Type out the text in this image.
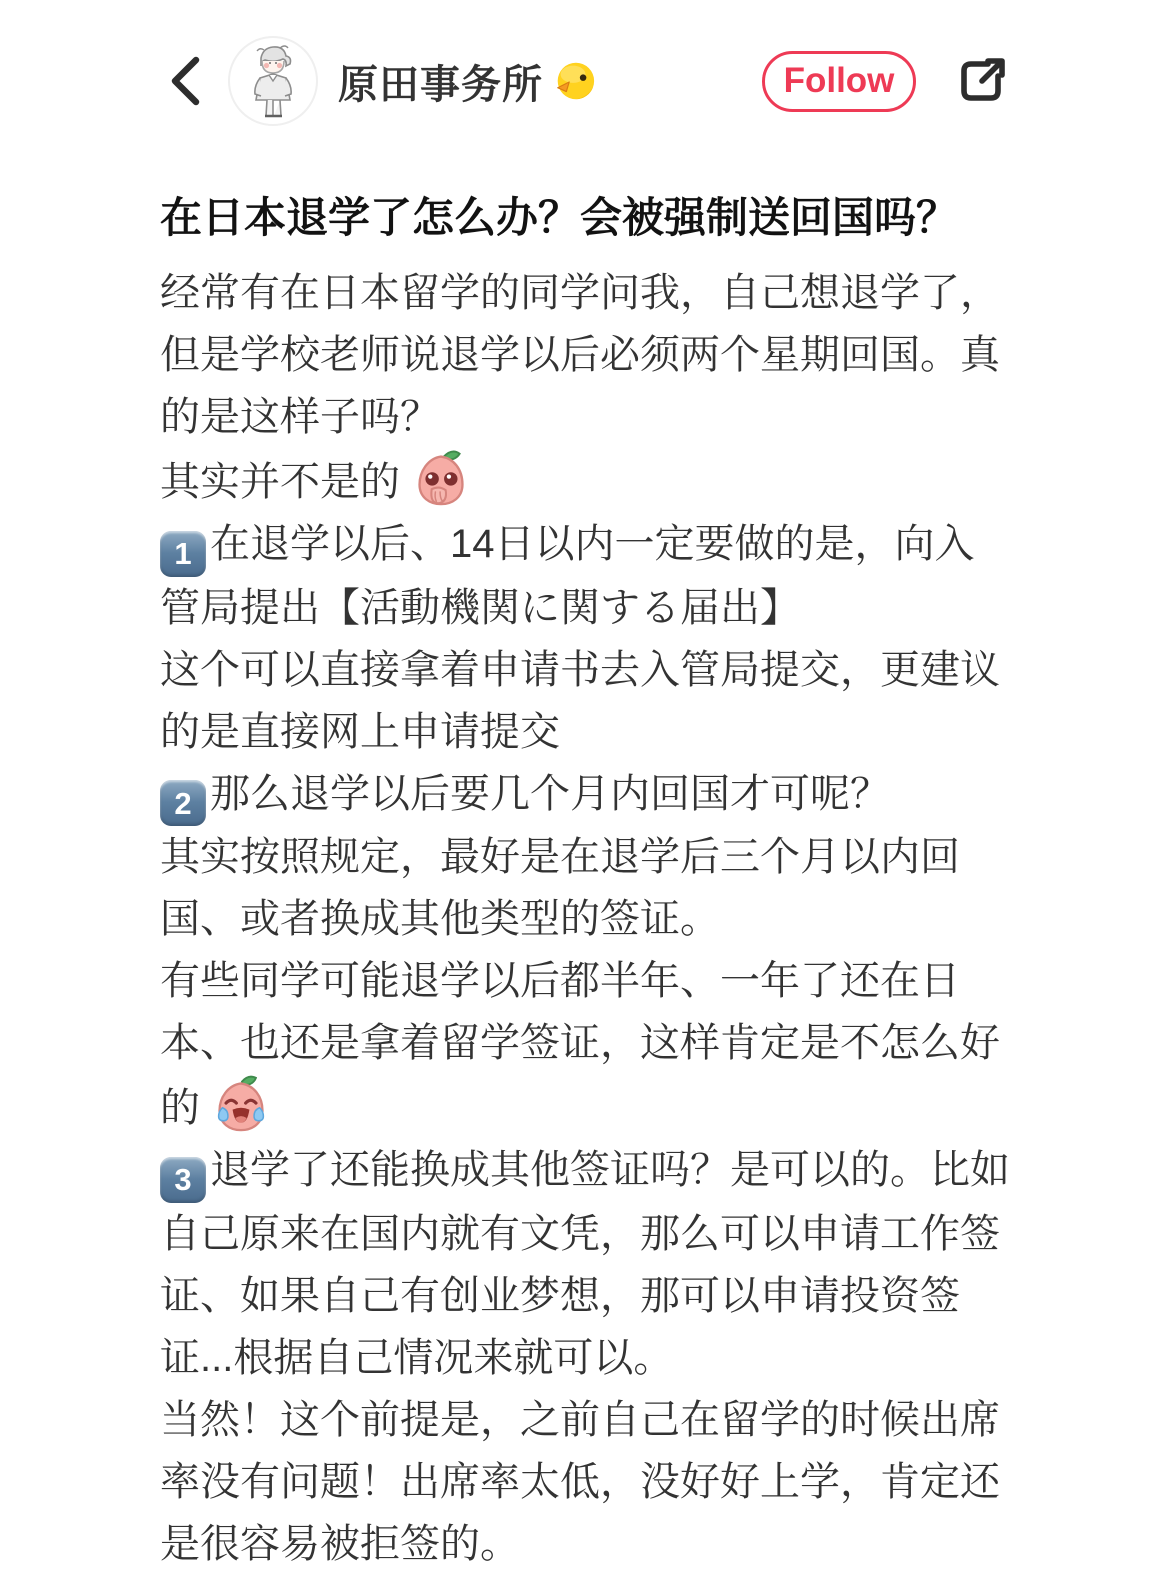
原田事务所	Follow
在日本退学了怎么办？会被强制送回国吗？

经常有在日本留学的同学问我，自己想退学了，但是学校老师说退学以后必须两个星期回国。真的是这样子吗？

其实并不是的

1 在退学以后、14日以内一定要做的是，向入管局提出【活動機関に関する届出】

这个可以直接拿着申请书去入管局提交，更建议的是直接网上申请提交

2 那么退学以后要几个月内回国才可呢？

其实按照规定，最好是在退学后三个月以内回国、或者换成其他类型的签证。

有些同学可能退学以后都半年、一年了还在日本、也还是拿着留学签证，这样肯定是不怎么好的

3 退学了还能换成其他签证吗？是可以的。比如自己原来在国内就有文凭，那么可以申请工作签证、如果自己有创业梦想，那可以申请投资签证...根据自己情况来就可以。

当然！这个前提是，之前自己在留学的时候出席率没有问题！出席率太低，没好好上学，肯定还是很容易被拒签的。
